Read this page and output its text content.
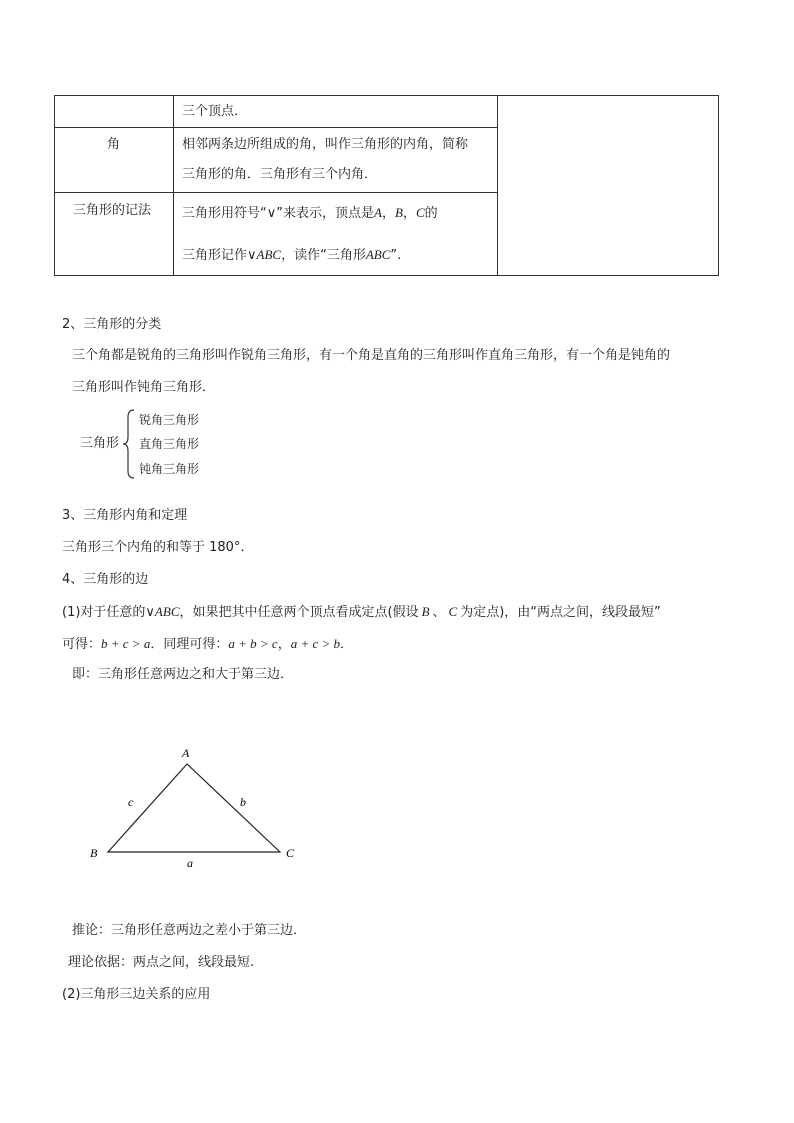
三个顶点．
角	相邻两条边所组成的角，叫作三角形的内角，简称
三角形的角．三角形有三个内角．
三角形的记法 三角形用符号“∨”来表示，顶点是A，B，C的
三角形记作∨ABC，读作“三角形ABC”.
2、三角形的分类
三个角都是锐角的三角形叫作锐角三角形，有一个角是直角的三角形叫作直角三角形，有一个角是钝角的
三角形叫作钝角三角形．
三角形
锐角三角形
直角三角形
钝角三角形
3、三角形内角和定理
三角形三个内角的和等于 180°．
4、三角形的边
(1)对于任意的∨ABC，如果把其中任意两个顶点看成定点(假设 B 、 C 为定点)，由“两点之间，线段最短”
可得：b + c > a．同理可得：a + b > c，a + c > b．
即：三角形任意两边之和大于第三边．
A
B	C
a
b
c
推论：三角形任意两边之差小于第三边．
理论依据：两点之间，线段最短.
(2)三角形三边关系的应用
